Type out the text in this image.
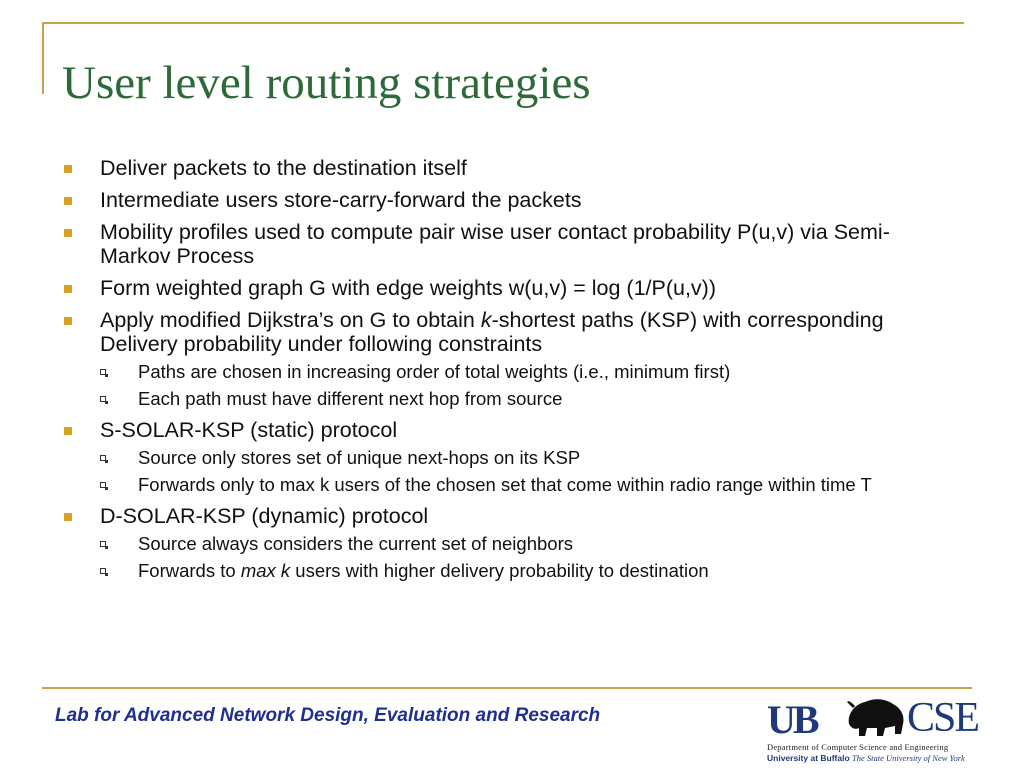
User level routing strategies

Deliver packets to the destination itself

Intermediate users store-carry-forward the packets

Mobility profiles used to compute pair wise user contact probability P(u,v) via Semi-Markov Process

Form weighted graph G with edge weights w(u,v) = log (1/P(u,v))

Apply modified Dijkstra’s on G to obtain k-shortest paths (KSP) with corresponding Delivery probability under following constraints

Paths are chosen in increasing order of total weights (i.e., minimum first)

Each path must have different next hop from source

S-SOLAR-KSP (static) protocol

Source only stores set of unique next-hops on its KSP

Forwards only to max k users of the chosen set that come within radio range within time T

D-SOLAR-KSP (dynamic) protocol

Source always considers the current set of neighbors

Forwards to max k users with higher delivery probability to destination

Lab for Advanced Network Design, Evaluation and Research	UB CSE
Department of Computer Science and Engineering
University at Buffalo The State University of New York
